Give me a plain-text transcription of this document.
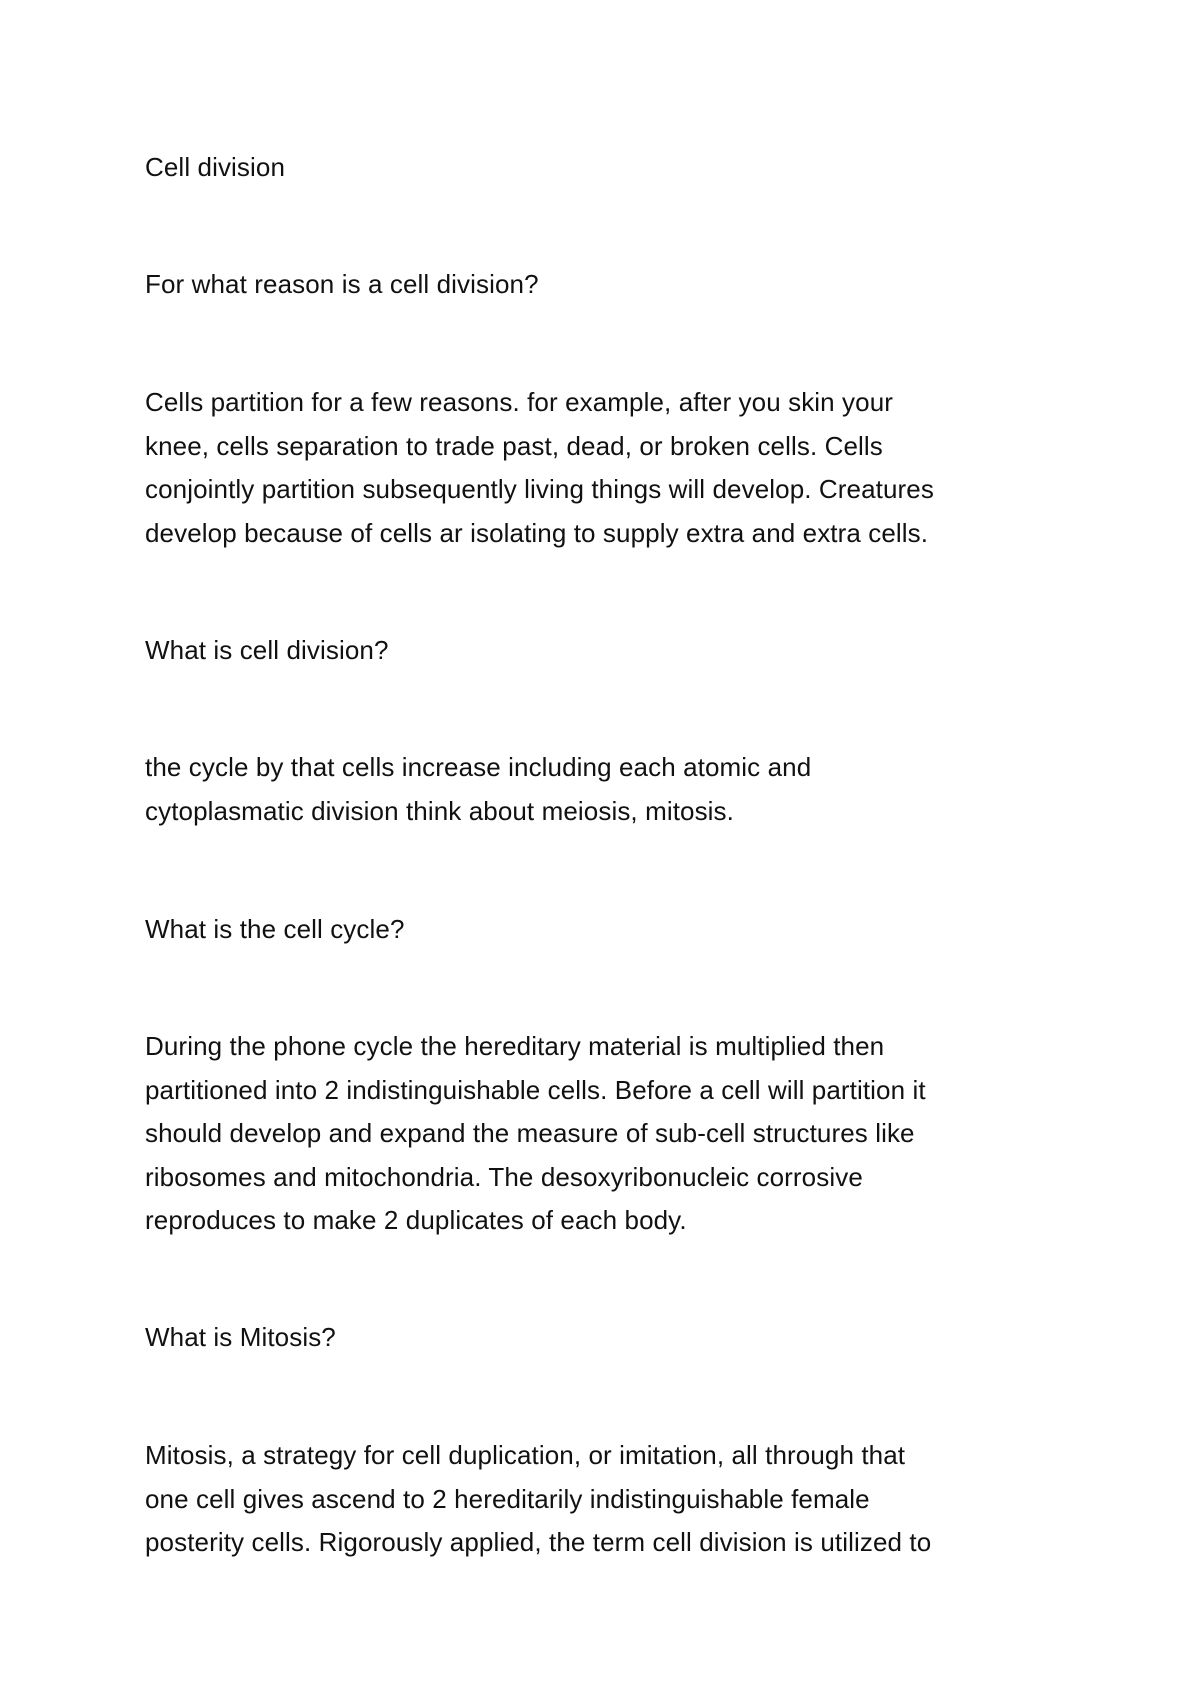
Cell division
For what reason is a cell division?
Cells partition for a few reasons. for example, after you skin your
knee, cells separation to trade past, dead, or broken cells. Cells
conjointly partition subsequently living things will develop. Creatures
develop because of cells ar isolating to supply extra and extra cells.
What is cell division?
the cycle by that cells increase including each atomic and
cytoplasmatic division think about meiosis, mitosis.
What is the cell cycle?
During the phone cycle the hereditary material is multiplied then
partitioned into 2 indistinguishable cells. Before a cell will partition it
should develop and expand the measure of sub-cell structures like
ribosomes and mitochondria. The desoxyribonucleic corrosive
reproduces to make 2 duplicates of each body.
What is Mitosis?
Mitosis, a strategy for cell duplication, or imitation, all through that
one cell gives ascend to 2 hereditarily indistinguishable female
posterity cells. Rigorously applied, the term cell division is utilized to
